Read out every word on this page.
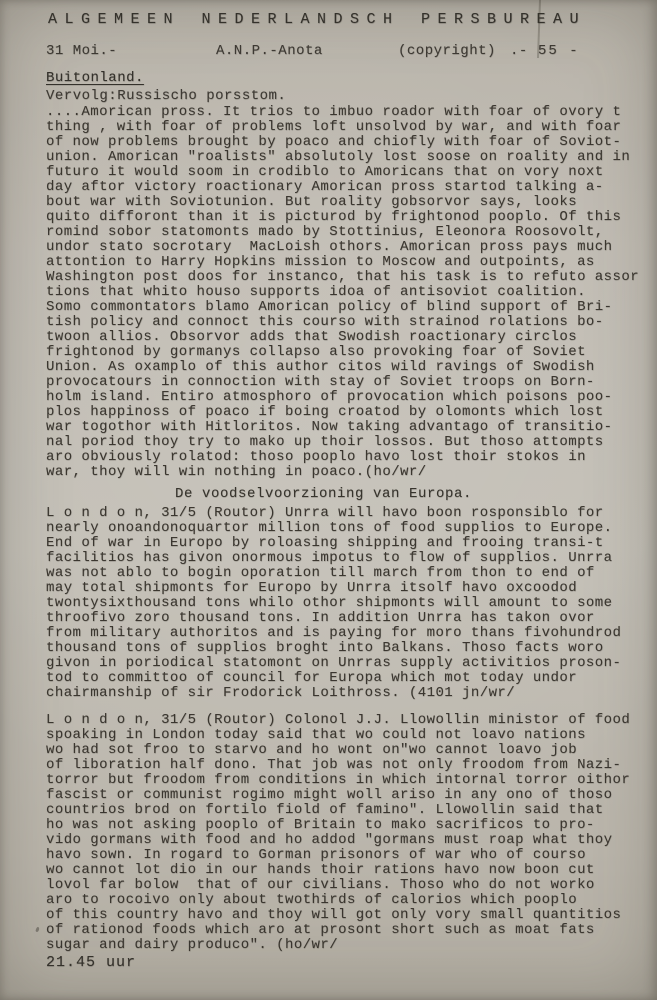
ALGEMEEN NEDERLANDSCH PERSBUREAU
31 Moi.-	A.N.P.-Anota	(copyright) .- 55 -
Buitonland.
Vervolg:Russischo porsstom.
....Amorican pross. It trios to imbuo roador with foar of ovory t
thing , with foar of problems loft unsolvod by war, and with foar
of now problems brought by poaco and chiofly with foar of Soviot-
union. Amorican "roalists" absolutoly lost soose on roality and in
futuro it would soom in crodiblo to Amoricans that on vory noxt
day aftor victory roactionary Amorican pross startod talking a-
bout war with Soviotunion. But roality gobsorvor says, looks
quito difforont than it is picturod by frightonod pooplo. Of this
romind sobor statomonts mado by Stottinius, Eleonora Roosovolt,
undor stato socrotary  MacLoish othors. Amorican pross pays much
attontion to Harry Hopkins mission to Moscow and outpoints, as
Washington post doos for instanco, that his task is to refuto assor
tions that whito houso supports idoa of antisoviot coalition.
Somo commontators blamo Amorican policy of blind support of Bri-
tish policy and connoct this courso with strainod rolations bo-
twoon allios. Obsorvor adds that Swodish roactionary circlos
frightonod by gormanys collapso also provoking foar of Soviet
Union. As oxamplo of this author citos wild ravings of Swodish
provocatours in connoction with stay of Soviet troops on Born-
holm island. Entiro atmosphoro of provocation which poisons poo-
plos happinoss of poaco if boing croatod by olomonts which lost
war togothor with Hitloritos. Now taking advantago of transitio-
nal poriod thoy try to mako up thoir lossos. But thoso attompts
aro obviously rolatod: thoso pooplo havo lost thoir stokos in
war, thoy will win nothing in poaco.(ho/wr/
De voodselvoorzioning van Europa.
L o n d o n, 31/5 (Routor) Unrra will havo boon rosponsiblo for
nearly onoandonoquartor million tons of food supplios to Europe.
End of war in Europo by roloasing shipping and frooing transi-t
facilitios has givon onormous impotus to flow of supplios. Unrra
was not ablo to bogin oporation till march from thon to end of
may total shipmonts for Europo by Unrra itsolf havo oxcoodod
twontysixthousand tons whilo othor shipmonts will amount to some
throofivo zoro thousand tons. In addition Unrra has takon ovor
from military authoritos and is paying for moro thans fivohundrod
thousand tons of supplios broght into Balkans. Thoso facts woro
givon in poriodical statomont on Unrras supply activitios proson-
tod to committoo of council for Europa which mot today undor
chairmanship of sir Frodorick Loithross. (4101 jn/wr/
L o n d o n, 31/5 (Routor) Colonol J.J. Llowollin ministor of food
spoaking in London today said that wo could not loavo nations
wo had sot froo to starvo and ho wont on"wo cannot loavo job
of liboration half dono. That job was not only froodom from Nazi-
torror but froodom from conditions in which intornal torror oithor
fascist or communist rogimo might woll ariso in any ono of thoso
countrios brod on fortilo fiold of famino". Llowollin said that
ho was not asking pooplo of Britain to mako sacrificos to pro-
vido gormans with food and ho addod "gormans must roap what thoy
havo sown. In rogard to Gorman prisonors of war who of courso
wo cannot lot dio in our hands thoir rations havo now boon cut
lovol far bolow  that of our civilians. Thoso who do not worko
aro to rocoivo only about twothirds of calorios which pooplo
of this country havo and thoy will got only vory small quantitios
of rationod foods which aro at prosont short such as moat fats
sugar and dairy produco". (ho/wr/
21.45 uur
